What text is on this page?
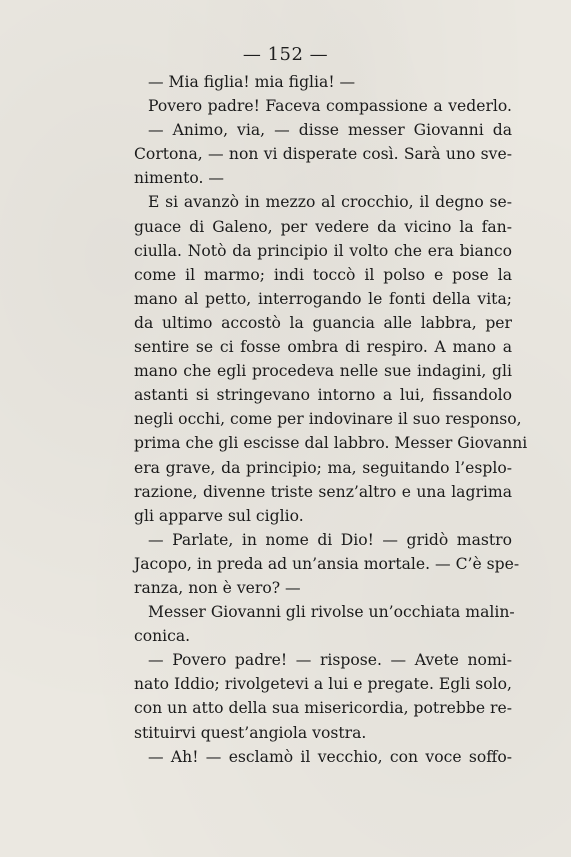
— 152 —
— Mia figlia! mia figlia! —
Povero padre! Faceva compassione a vederlo.
— Animo, via, — disse messer Giovanni da
Cortona, — non vi disperate così. Sarà uno sve-
nimento. —
E si avanzò in mezzo al crocchio, il degno se-
guace di Galeno, per vedere da vicino la fan-
ciulla. Notò da principio il volto che era bianco
come il marmo; indi toccò il polso e pose la
mano al petto, interrogando le fonti della vita;
da ultimo accostò la guancia alle labbra, per
sentire se ci fosse ombra di respiro. A mano a
mano che egli procedeva nelle sue indagini, gli
astanti si stringevano intorno a lui, fissandolo
negli occhi, come per indovinare il suo responso,
prima che gli escisse dal labbro. Messer Giovanni
era grave, da principio; ma, seguitando l’esplo-
razione, divenne triste senz’altro e una lagrima
gli apparve sul ciglio.
— Parlate, in nome di Dio! — gridò mastro
Jacopo, in preda ad un’ansia mortale. — C’è spe-
ranza, non è vero? —
Messer Giovanni gli rivolse un’occhiata malin-
conica.
— Povero padre! — rispose. — Avete nomi-
nato Iddio; rivolgetevi a lui e pregate. Egli solo,
con un atto della sua misericordia, potrebbe re-
stituirvi quest’angiola vostra.
— Ah! — esclamò il vecchio, con voce soffo-
